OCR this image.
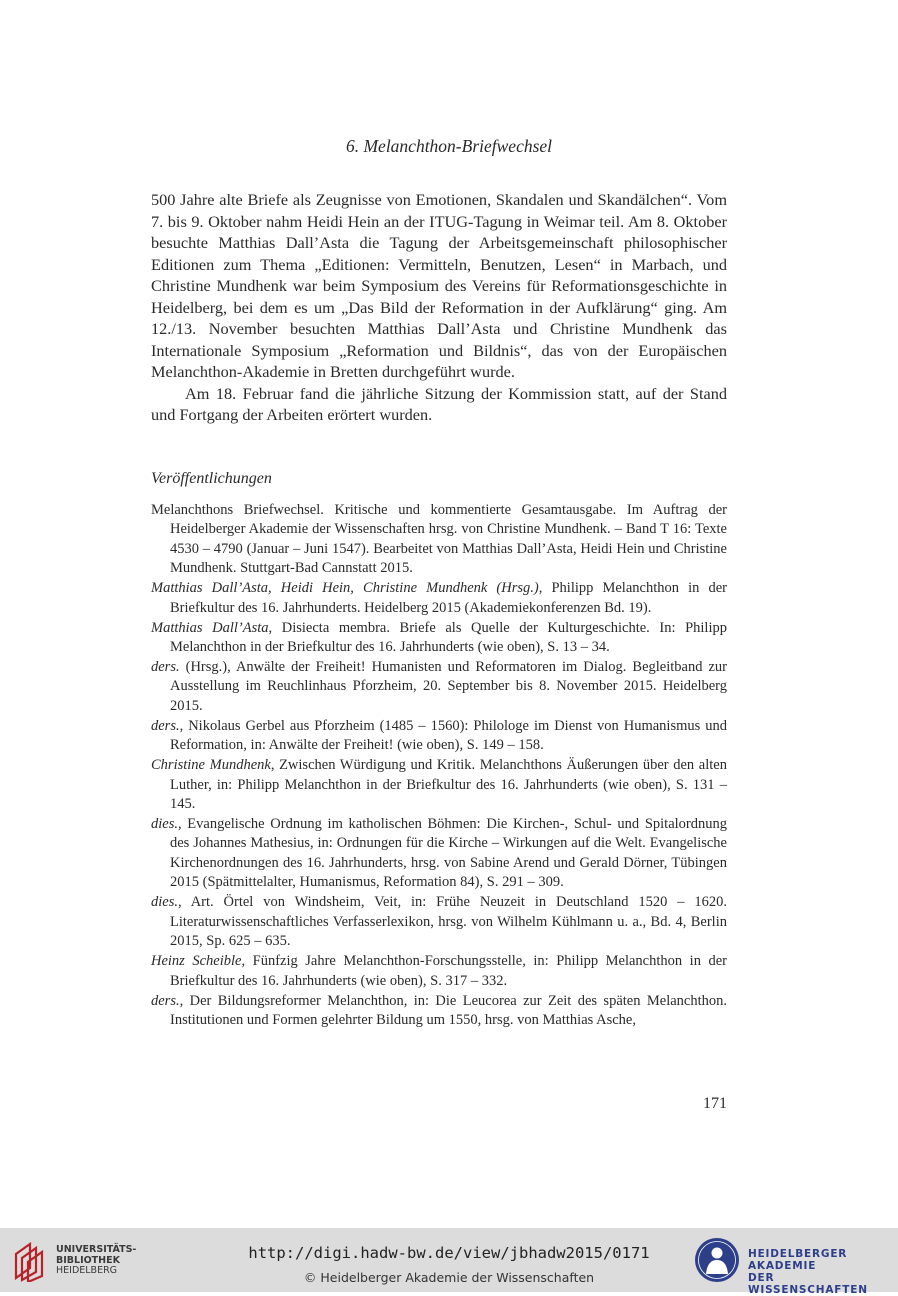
6. Melanchthon-Briefwechsel

500 Jahre alte Briefe als Zeugnisse von Emotionen, Skandalen und Skandälchen“. Vom 7. bis 9. Oktober nahm Heidi Hein an der ITUG-Tagung in Weimar teil. Am 8. Oktober besuchte Matthias Dall’Asta die Tagung der Arbeitsgemeinschaft philosophischer Editionen zum Thema „Editionen: Vermitteln, Benutzen, Lesen“ in Marbach, und Christine Mundhenk war beim Symposium des Vereins für Reformationsgeschichte in Heidelberg, bei dem es um „Das Bild der Reformation in der Aufklärung“ ging. Am 12./13. November besuchten Matthias Dall’Asta und Christine Mundhenk das Internationale Symposium „Reformation und Bildnis“, das von der Europäischen Melanchthon-Akademie in Bretten durchgeführt wurde.

Am 18. Februar fand die jährliche Sitzung der Kommission statt, auf der Stand und Fortgang der Arbeiten erörtert wurden.

Veröffentlichungen

Melanchthons Briefwechsel. Kritische und kommentierte Gesamtausgabe. Im Auftrag der Heidelberger Akademie der Wissenschaften hrsg. von Christine Mundhenk. – Band T 16: Texte 4530 – 4790 (Januar – Juni 1547). Bearbeitet von Matthias Dall’Asta, Heidi Hein und Christine Mundhenk. Stuttgart-Bad Cannstatt 2015.

Matthias Dall’Asta, Heidi Hein, Christine Mundhenk (Hrsg.), Philipp Melanchthon in der Briefkultur des 16. Jahrhunderts. Heidelberg 2015 (Akademiekonferenzen Bd. 19).

Matthias Dall’Asta, Disiecta membra. Briefe als Quelle der Kulturgeschichte. In: Philipp Melanchthon in der Briefkultur des 16. Jahrhunderts (wie oben), S. 13 – 34.

ders. (Hrsg.), Anwälte der Freiheit! Humanisten und Reformatoren im Dialog. Begleitband zur Ausstellung im Reuchlinhaus Pforzheim, 20. September bis 8. November 2015. Heidelberg 2015.

ders., Nikolaus Gerbel aus Pforzheim (1485 – 1560): Philologe im Dienst von Humanismus und Reformation, in: Anwälte der Freiheit! (wie oben), S. 149 – 158.

Christine Mundhenk, Zwischen Würdigung und Kritik. Melanchthons Äußerungen über den alten Luther, in: Philipp Melanchthon in der Briefkultur des 16. Jahrhunderts (wie oben), S. 131 – 145.

dies., Evangelische Ordnung im katholischen Böhmen: Die Kirchen-, Schul- und Spitalordnung des Johannes Mathesius, in: Ordnungen für die Kirche – Wirkungen auf die Welt. Evangelische Kirchenordnungen des 16. Jahrhunderts, hrsg. von Sabine Arend und Gerald Dörner, Tübingen 2015 (Spätmittelalter, Humanismus, Reformation 84), S. 291 – 309.

dies., Art. Örtel von Windsheim, Veit, in: Frühe Neuzeit in Deutschland 1520 – 1620. Literaturwissenschaftliches Verfasserlexikon, hrsg. von Wilhelm Kühlmann u. a., Bd. 4, Berlin 2015, Sp. 625 – 635.

Heinz Scheible, Fünfzig Jahre Melanchthon-Forschungsstelle, in: Philipp Melanchthon in der Briefkultur des 16. Jahrhunderts (wie oben), S. 317 – 332.

ders., Der Bildungsreformer Melanchthon, in: Die Leucorea zur Zeit des späten Melanchthon. Institutionen und Formen gelehrter Bildung um 1550, hrsg. von Matthias Asche,

171
UNIVERSITÄTS-
BIBLIOTHEK
HEIDELBERG
http://digi.hadw-bw.de/view/jbhadw2015/0171
© Heidelberger Akademie der Wissenschaften
HEIDELBERGER AKADEMIE
DER WISSENSCHAFTEN
